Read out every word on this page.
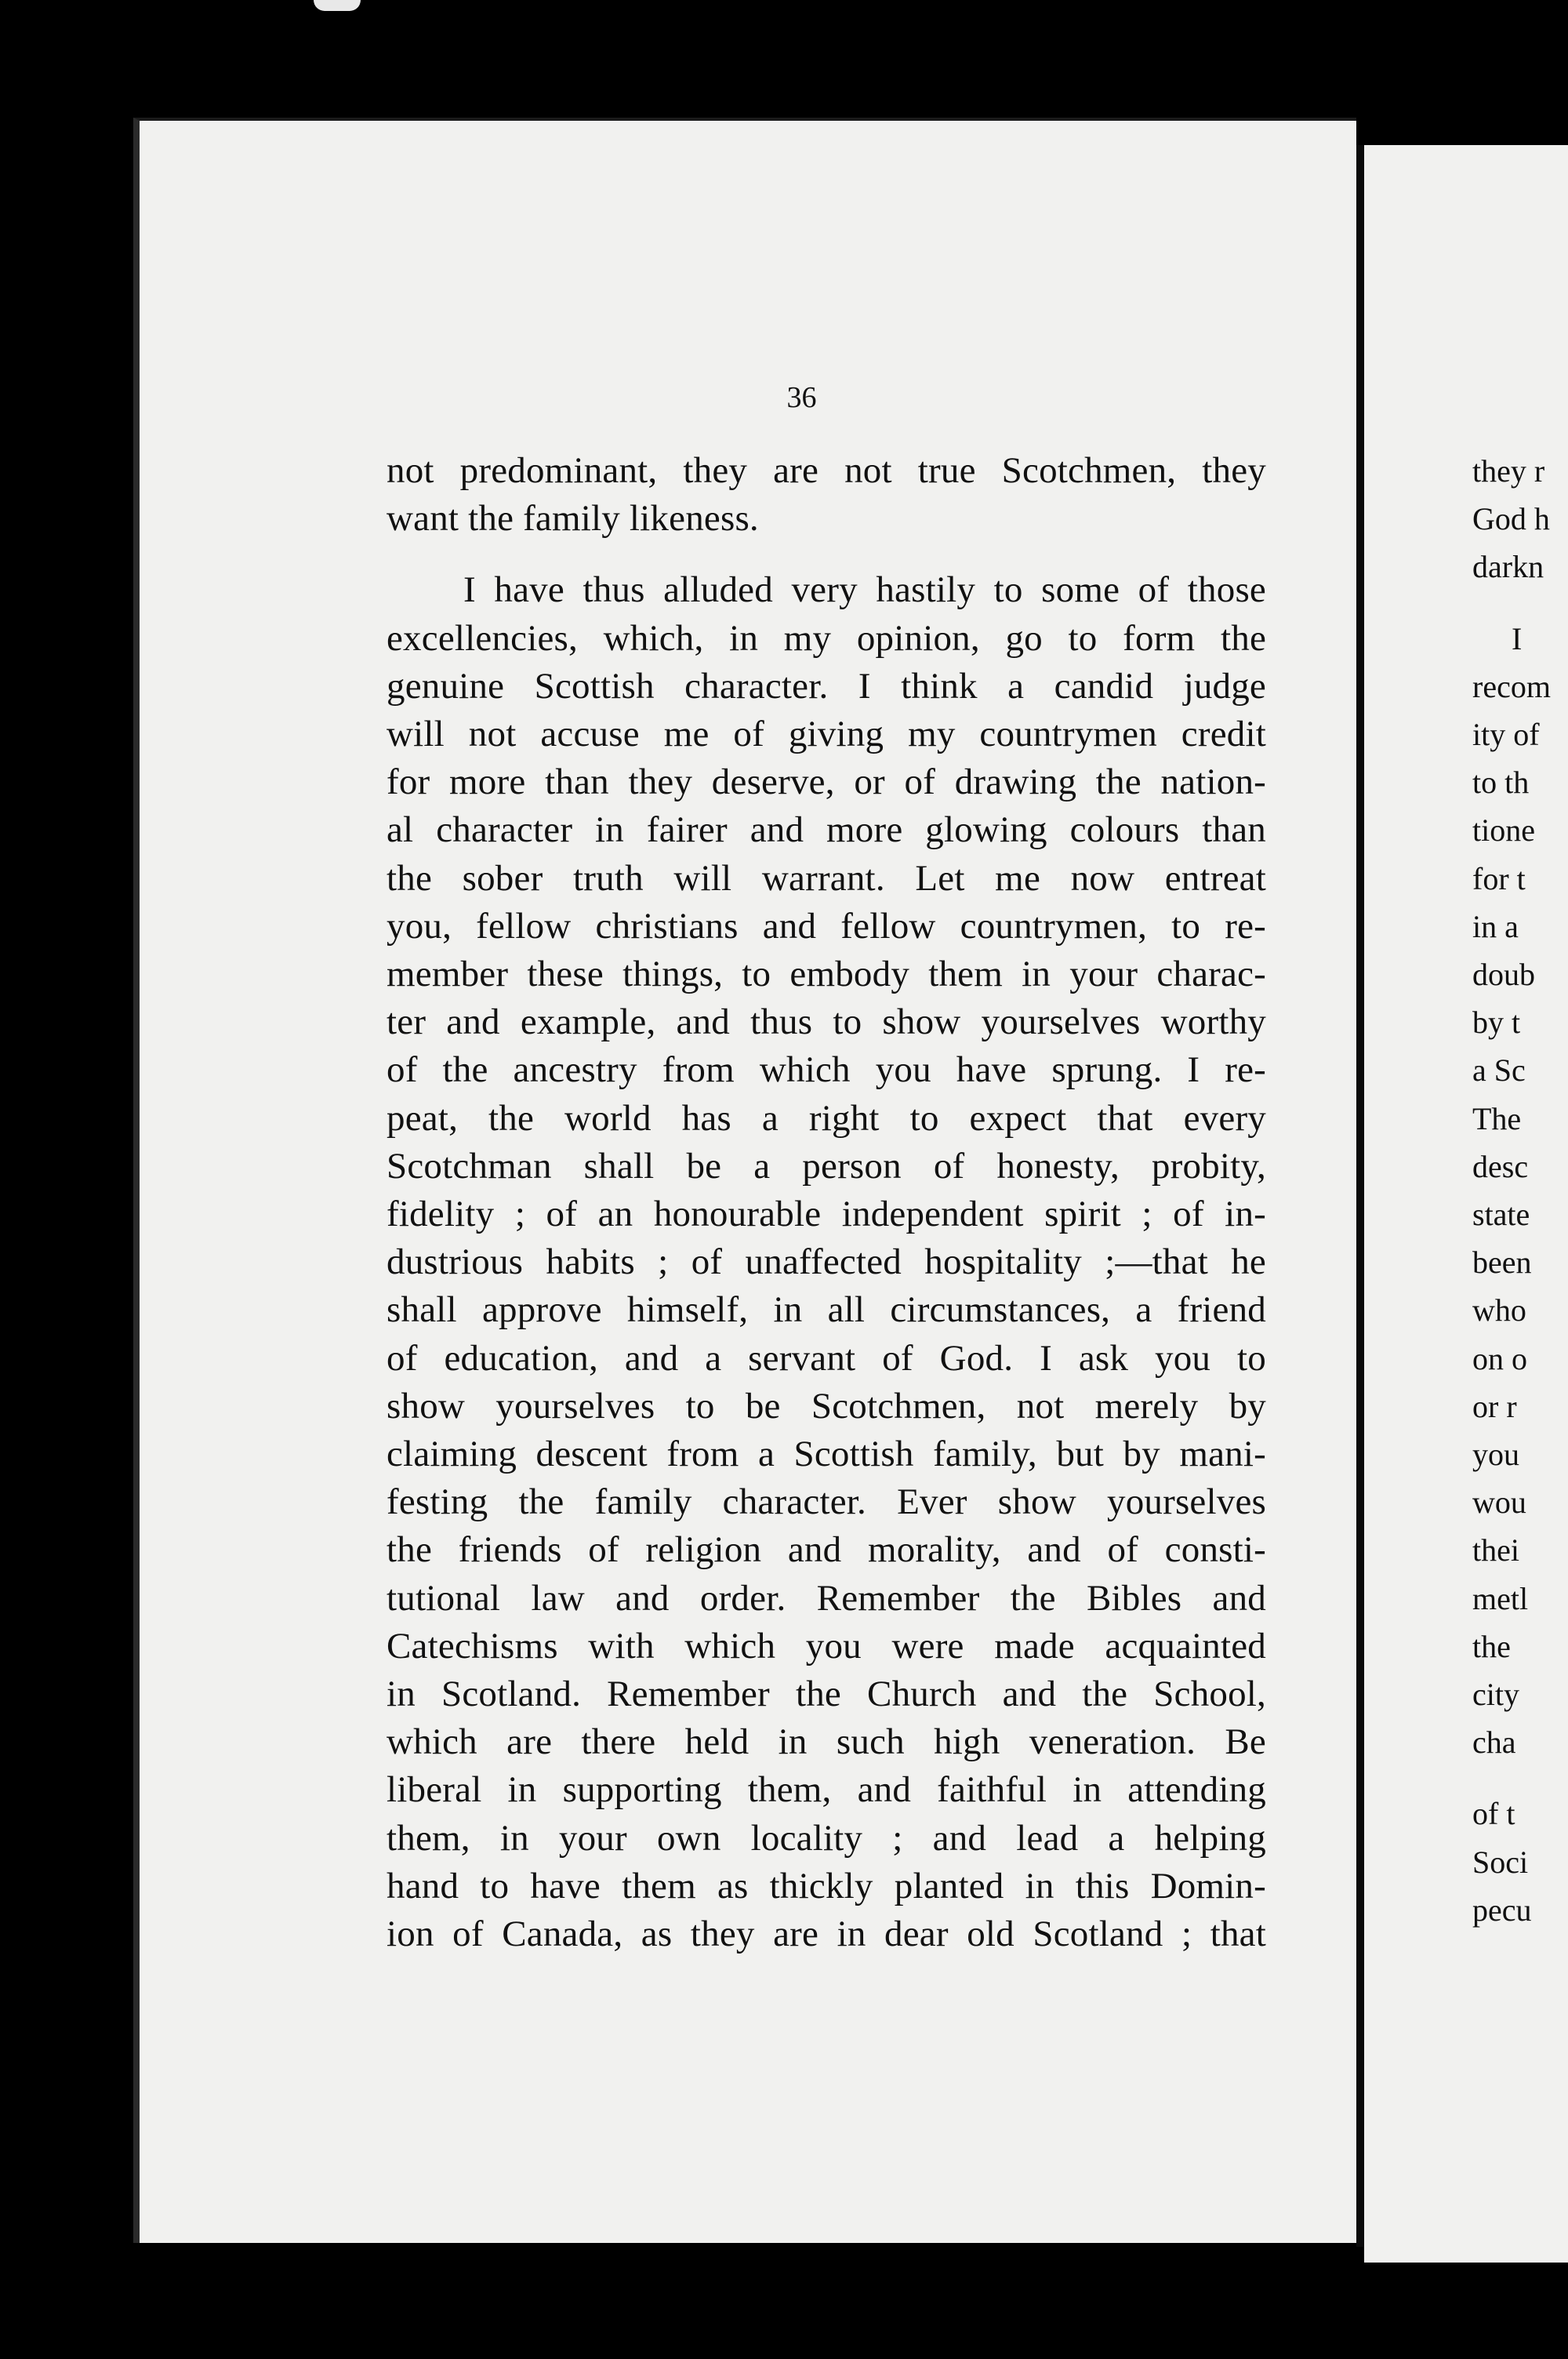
36
not predominant, they are not true Scotchmen, they
want the family likeness.
I have thus alluded very hastily to some of those
excellencies, which, in my opinion, go to form the
genuine Scottish character. I think a candid judge
will not accuse me of giving my countrymen credit
for more than they deserve, or of drawing the nation-
al character in fairer and more glowing colours than
the sober truth will warrant. Let me now entreat
you, fellow christians and fellow countrymen, to re-
member these things, to embody them in your charac-
ter and example, and thus to show yourselves worthy
of the ancestry from which you have sprung. I re-
peat, the world has a right to expect that every
Scotchman shall be a person of honesty, probity,
fidelity ; of an honourable independent spirit ; of in-
dustrious habits ; of unaffected hospitality ;—that he
shall approve himself, in all circumstances, a friend
of education, and a servant of God. I ask you to
show yourselves to be Scotchmen, not merely by
claiming descent from a Scottish family, but by mani-
festing the family character. Ever show yourselves
the friends of religion and morality, and of consti-
tutional law and order. Remember the Bibles and
Catechisms with which you were made acquainted
in Scotland. Remember the Church and the School,
which are there held in such high veneration. Be
liberal in supporting them, and faithful in attending
them, in your own locality ; and lead a helping
hand to have them as thickly planted in this Domin-
ion of Canada, as they are in dear old Scotland ; that
they r
God h
darkn
I
recom
ity of
to th
tione
for t
in a
doub
by t
a Sc
The
desc
state
been
who
on o
or r
you
wou
thei
metl
the
city
cha
of t
Soci
pecu
